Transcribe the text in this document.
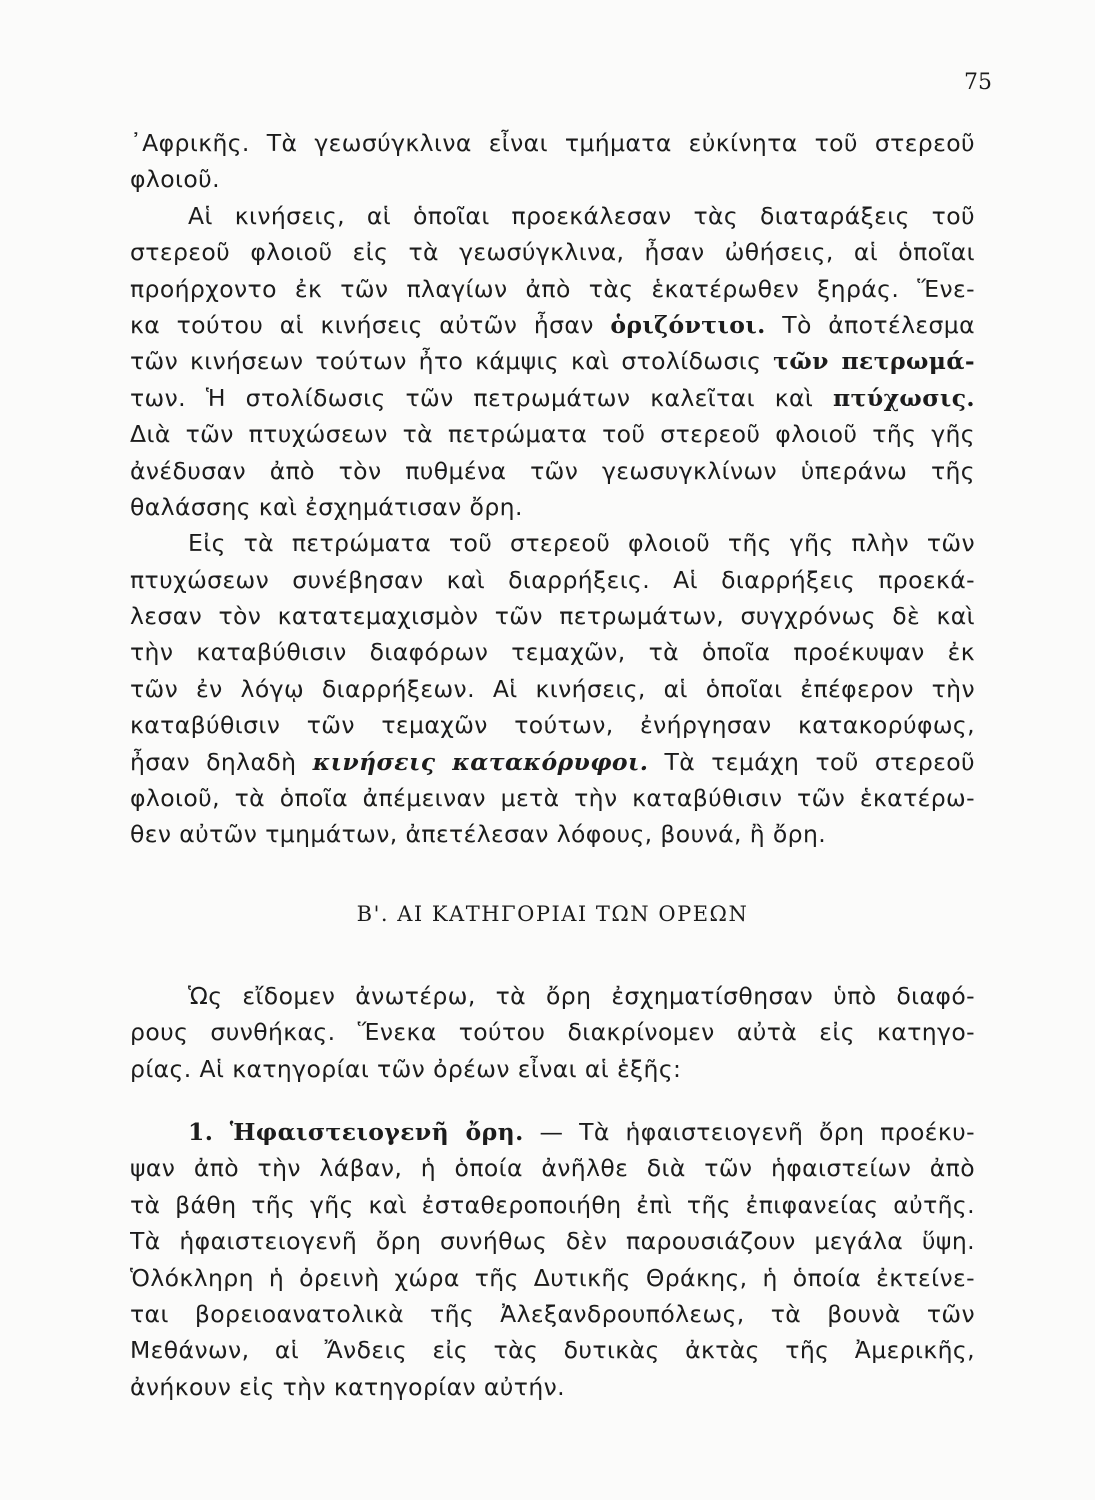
75
᾿Αφρικῆς. Τὰ γεωσύγκλινα εἶναι τμήματα εὐκίνητα τοῦ στερεοῦ
φλοιοῦ.
Αἱ κινήσεις, αἱ ὁποῖαι προεκάλεσαν τὰς διαταράξεις τοῦ
στερεοῦ φλοιοῦ εἰς τὰ γεωσύγκλινα, ἦσαν ὠθήσεις, αἱ ὁποῖαι
προήρχοντο ἐκ τῶν πλαγίων ἀπὸ τὰς ἑκατέρωθεν ξηράς. Ἕνε-
κα τούτου αἱ κινήσεις αὐτῶν ἦσαν ὁριζόντιοι. Τὸ ἀποτέλεσμα
τῶν κινήσεων τούτων ἦτο κάμψις καὶ στολίδωσις τῶν πετρωμά-
των. Ἡ στολίδωσις τῶν πετρωμάτων καλεῖται καὶ πτύχωσις.
Διὰ τῶν πτυχώσεων τὰ πετρώματα τοῦ στερεοῦ φλοιοῦ τῆς γῆς
ἀνέδυσαν ἀπὸ τὸν πυθμένα τῶν γεωσυγκλίνων ὑπεράνω τῆς
θαλάσσης καὶ ἐσχημάτισαν ὄρη.
Εἰς τὰ πετρώματα τοῦ στερεοῦ φλοιοῦ τῆς γῆς πλὴν τῶν
πτυχώσεων συνέβησαν καὶ διαρρήξεις. Αἱ διαρρήξεις προεκά-
λεσαν τὸν κατατεμαχισμὸν τῶν πετρωμάτων, συγχρόνως δὲ καὶ
τὴν καταβύθισιν διαφόρων τεμαχῶν, τὰ ὁποῖα προέκυψαν ἐκ
τῶν ἐν λόγῳ διαρρήξεων. Αἱ κινήσεις, αἱ ὁποῖαι ἐπέφερον τὴν
καταβύθισιν τῶν τεμαχῶν τούτων, ἐνήργησαν κατακορύφως,
ἦσαν δηλαδὴ κινήσεις κατακόρυφοι. Τὰ τεμάχη τοῦ στερεοῦ
φλοιοῦ, τὰ ὁποῖα ἀπέμειναν μετὰ τὴν καταβύθισιν τῶν ἑκατέρω-
θεν αὐτῶν τμημάτων, ἀπετέλεσαν λόφους, βουνά, ἢ ὄρη.
Β'. ΑΙ ΚΑΤΗΓΟΡΙΑΙ ΤΩΝ ΟΡΕΩΝ
Ὡς εἴδομεν ἀνωτέρω, τὰ ὄρη ἐσχηματίσθησαν ὑπὸ διαφό-
ρους συνθήκας. Ἕνεκα τούτου διακρίνομεν αὐτὰ εἰς κατηγο-
ρίας. Αἱ κατηγορίαι τῶν ὀρέων εἶναι αἱ ἑξῆς:
1. Ἡφαιστειογενῆ ὄρη. — Τὰ ἡφαιστειογενῆ ὄρη προέκυ-
ψαν ἀπὸ τὴν λάβαν, ἡ ὁποία ἀνῆλθε διὰ τῶν ἡφαιστείων ἀπὸ
τὰ βάθη τῆς γῆς καὶ ἐσταθεροποιήθη ἐπὶ τῆς ἐπιφανείας αὐτῆς.
Τὰ ἡφαιστειογενῆ ὄρη συνήθως δὲν παρουσιάζουν μεγάλα ὕψη.
Ὁλόκληρη ἡ ὀρεινὴ χώρα τῆς Δυτικῆς Θράκης, ἡ ὁποία ἐκτείνε-
ται βορειοανατολικὰ τῆς Ἀλεξανδρουπόλεως, τὰ βουνὰ τῶν
Μεθάνων, αἱ Ἄνδεις εἰς τὰς δυτικὰς ἀκτὰς τῆς Ἀμερικῆς,
ἀνήκουν εἰς τὴν κατηγορίαν αὐτήν.
